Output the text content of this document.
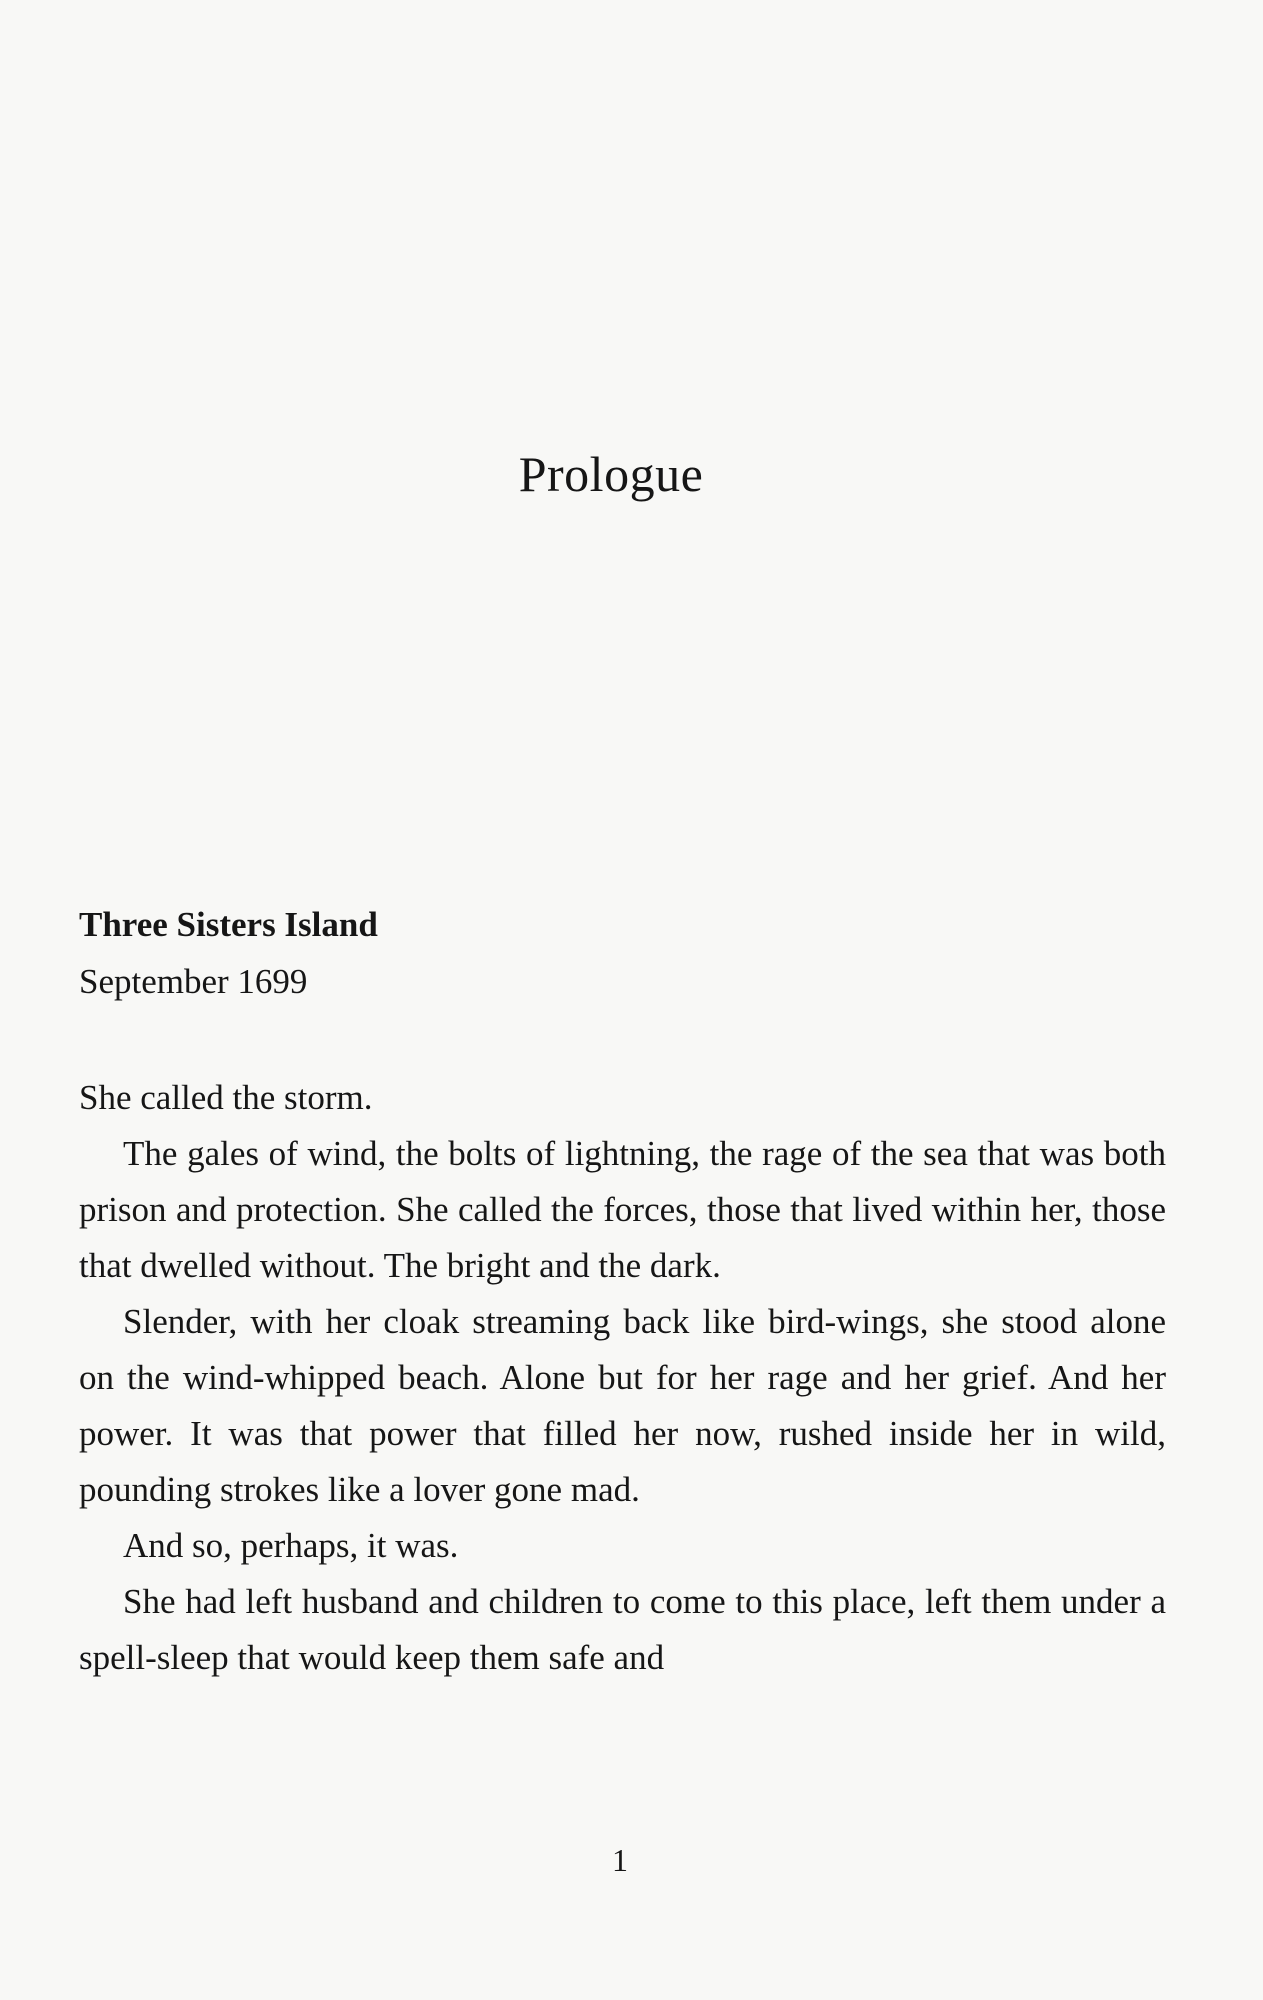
Prologue

Three Sisters Island

September 1699

She called the storm.

The gales of wind, the bolts of lightning, the rage of the sea that was both prison and protection. She called the forces, those that lived within her, those that dwelled without. The bright and the dark.

Slender, with her cloak streaming back like bird-wings, she stood alone on the wind-whipped beach. Alone but for her rage and her grief. And her power. It was that power that filled her now, rushed inside her in wild, pounding strokes like a lover gone mad.

And so, perhaps, it was.

She had left husband and children to come to this place, left them under a spell-sleep that would keep them safe and

1
